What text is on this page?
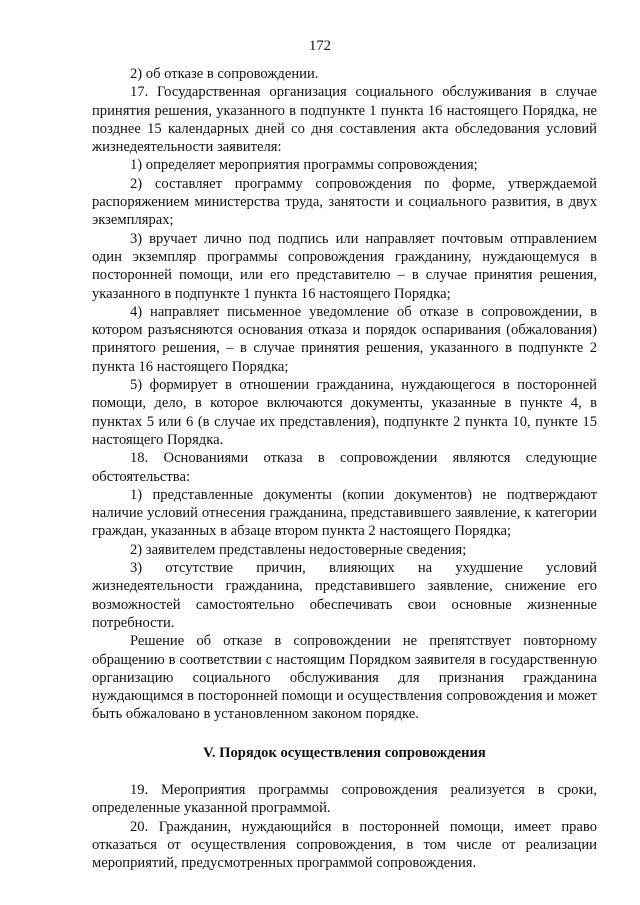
172

2) об отказе в сопровождении.

17. Государственная организация социального обслуживания в случае принятия решения, указанного в подпункте 1 пункта 16 настоящего Порядка, не позднее 15 календарных дней со дня составления акта обследования условий жизнедеятельности заявителя:

1) определяет мероприятия программы сопровождения;

2) составляет программу сопровождения по форме, утверждаемой распоряжением министерства труда, занятости и социального развития, в двух экземплярах;

3) вручает лично под подпись или направляет почтовым отправлением один экземпляр программы сопровождения гражданину, нуждающемуся в посторонней помощи, или его представителю – в случае принятия решения, указанного в подпункте 1 пункта 16 настоящего Порядка;

4) направляет письменное уведомление об отказе в сопровождении, в котором разъясняются основания отказа и порядок оспаривания (обжалования) принятого решения, – в случае принятия решения, указанного в подпункте 2 пункта 16 настоящего Порядка;

5) формирует в отношении гражданина, нуждающегося в посторонней помощи, дело, в которое включаются документы, указанные в пункте 4, в пунктах 5 или 6 (в случае их представления), подпункте 2 пункта 10, пункте 15 настоящего Порядка.

18. Основаниями отказа в сопровождении являются следующие обстоятельства:

1) представленные документы (копии документов) не подтверждают наличие условий отнесения гражданина, представившего заявление, к категории граждан, указанных в абзаце втором пункта 2 настоящего Порядка;

2) заявителем представлены недостоверные сведения;

3) отсутствие причин, влияющих на ухудшение условий жизнедеятельности гражданина, представившего заявление, снижение его возможностей самостоятельно обеспечивать свои основные жизненные потребности.

Решение об отказе в сопровождении не препятствует повторному обращению в соответствии с настоящим Порядком заявителя в государственную организацию социального обслуживания для признания гражданина нуждающимся в посторонней помощи и осуществления сопровождения и может быть обжаловано в установленном законом порядке.

V. Порядок осуществления сопровождения

19. Мероприятия программы сопровождения реализуется в сроки, определенные указанной программой.

20. Гражданин, нуждающийся в посторонней помощи, имеет право отказаться от осуществления сопровождения, в том числе от реализации мероприятий, предусмотренных программой сопровождения.
